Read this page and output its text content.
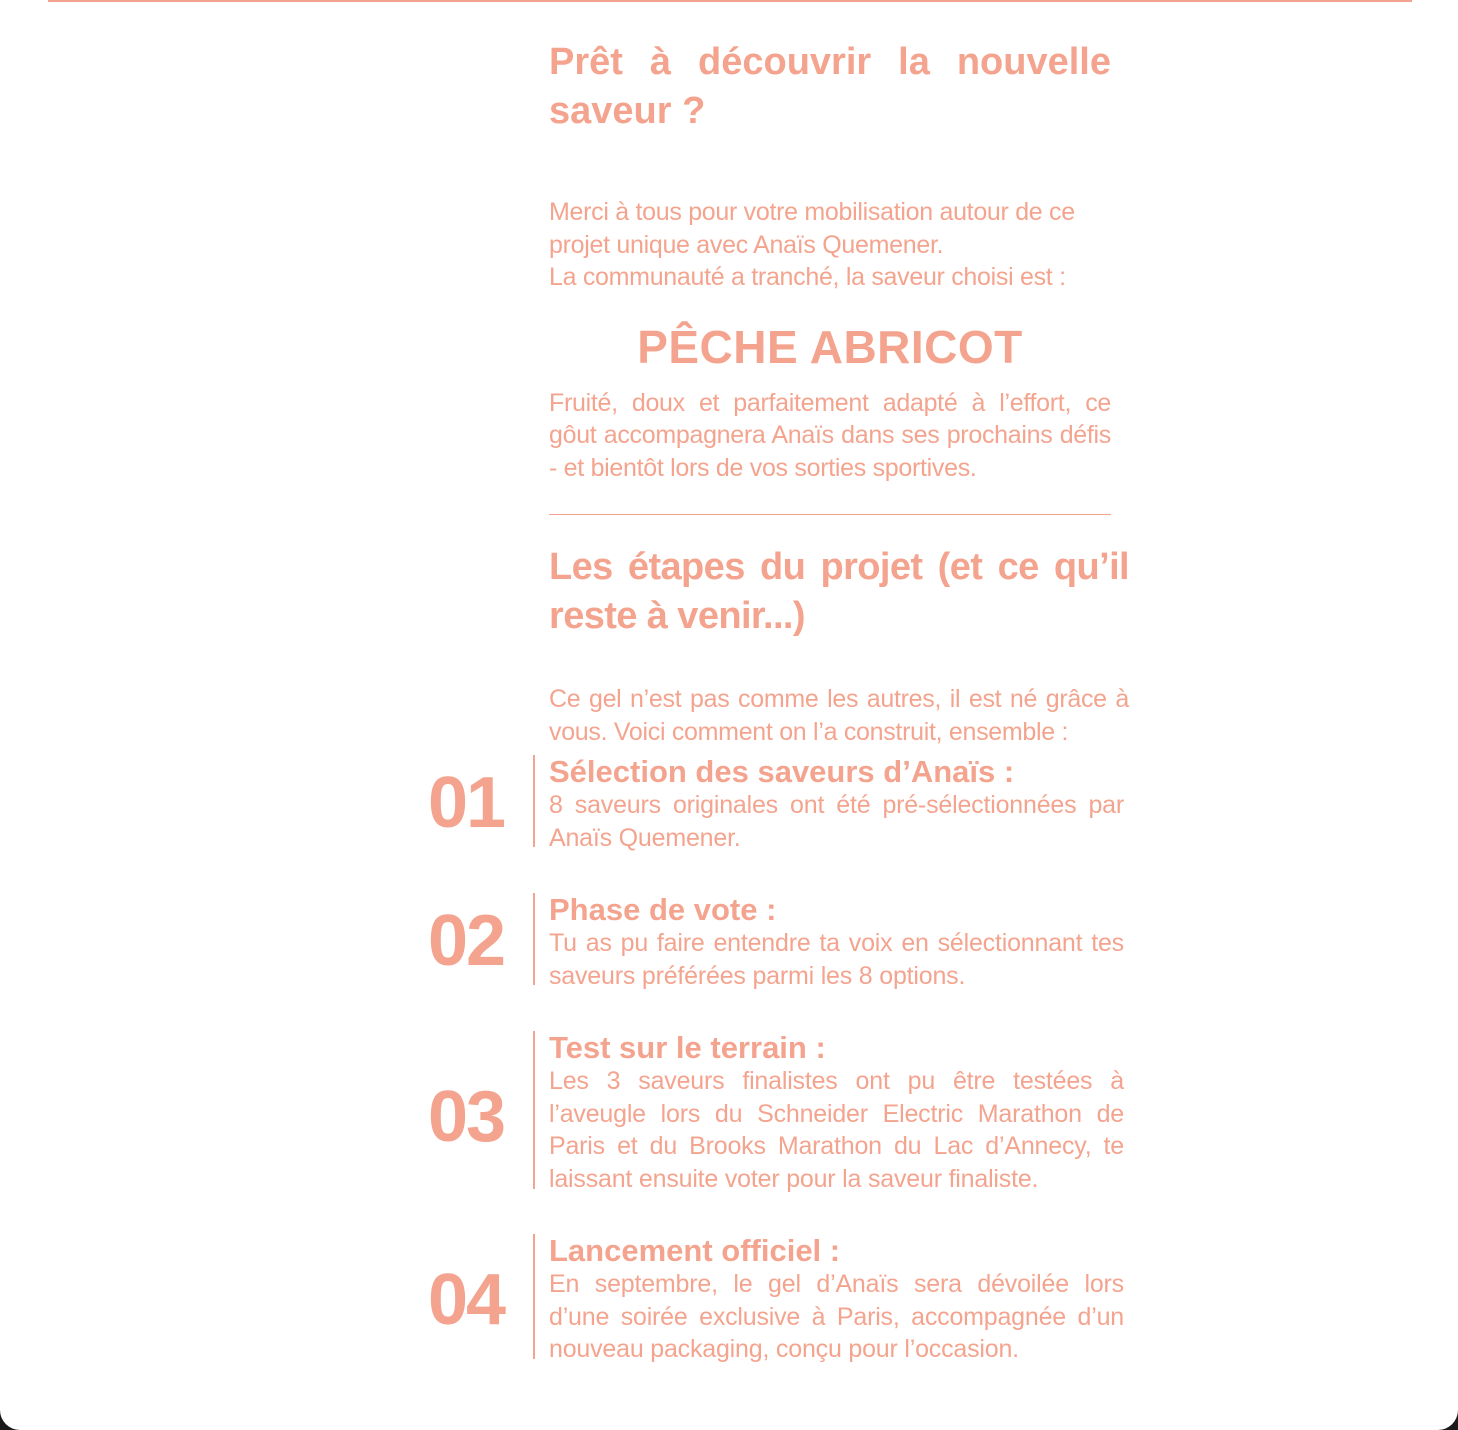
Prêt à découvrir la nouvelle saveur ?

Merci à tous pour votre mobilisation autour de ce projet unique avec Anaïs Quemener.

La communauté a tranché, la saveur choisi est :

PÊCHE ABRICOT

Fruité, doux et parfaitement adapté à l’effort, ce gôut accompagnera Anaïs dans ses prochains défis - et bientôt lors de vos sorties sportives.

Les étapes du projet (et ce qu’il reste à venir...)

Ce gel n’est pas comme les autres, il est né grâce à vous. Voici comment on l’a construit, ensemble :

01	Sélection des saveurs d’Anaïs :

8 saveurs originales ont été pré-sélectionnées par Anaïs Quemener.

02	Phase de vote :

Tu as pu faire entendre ta voix en sélectionnant tes saveurs préférées parmi les 8 options.

03

Test sur le terrain :

Les 3 saveurs finalistes ont pu être testées à l’aveugle lors du Schneider Electric Marathon de Paris et du Brooks Marathon du Lac d’Annecy, te laissant ensuite voter pour la saveur finaliste.

04

Lancement officiel :

En septembre, le gel d’Anaïs sera dévoilée lors d’une soirée exclusive à Paris, accompagnée d’un nouveau packaging, conçu pour l’occasion.
